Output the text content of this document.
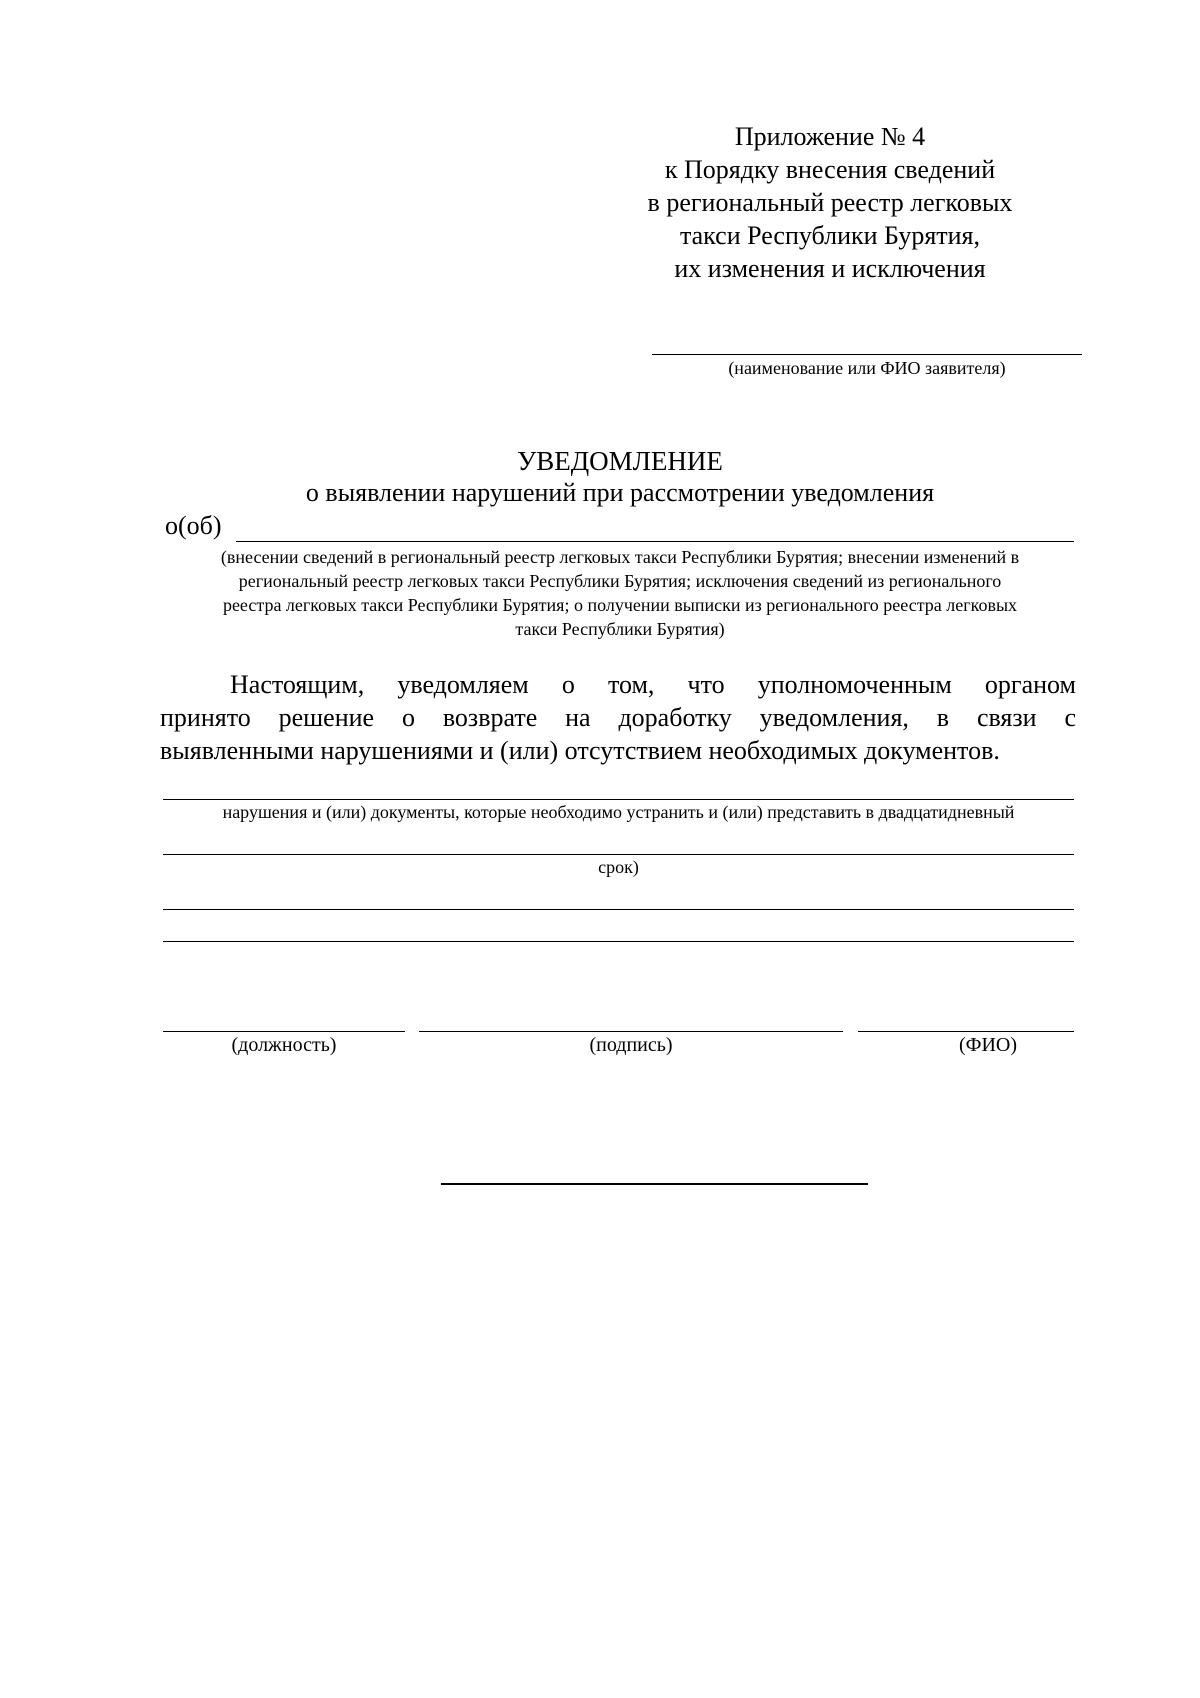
Приложение № 4
к Порядку внесения сведений
в региональный реестр легковых
такси Республики Бурятия,
их изменения и исключения
(наименование или ФИО заявителя)
УВЕДОМЛЕНИЕ
о выявлении нарушений при рассмотрении уведомления
о(об)
(внесении сведений в региональный реестр легковых такси Республики Бурятия; внесении изменений в
региональный реестр легковых такси Республики Бурятия; исключения сведений из регионального
реестра легковых такси Республики Бурятия; о получении выписки из регионального реестра легковых
такси Республики Бурятия)
Настоящим, уведомляем о том, что уполномоченным органом
принято решение о возврате на доработку уведомления, в связи с
выявленными нарушениями и (или) отсутствием необходимых документов.
нарушения и (или) документы, которые необходимо устранить и (или) представить в двадцатидневный
срок)
(должность)	(подпись)	(ФИО)
